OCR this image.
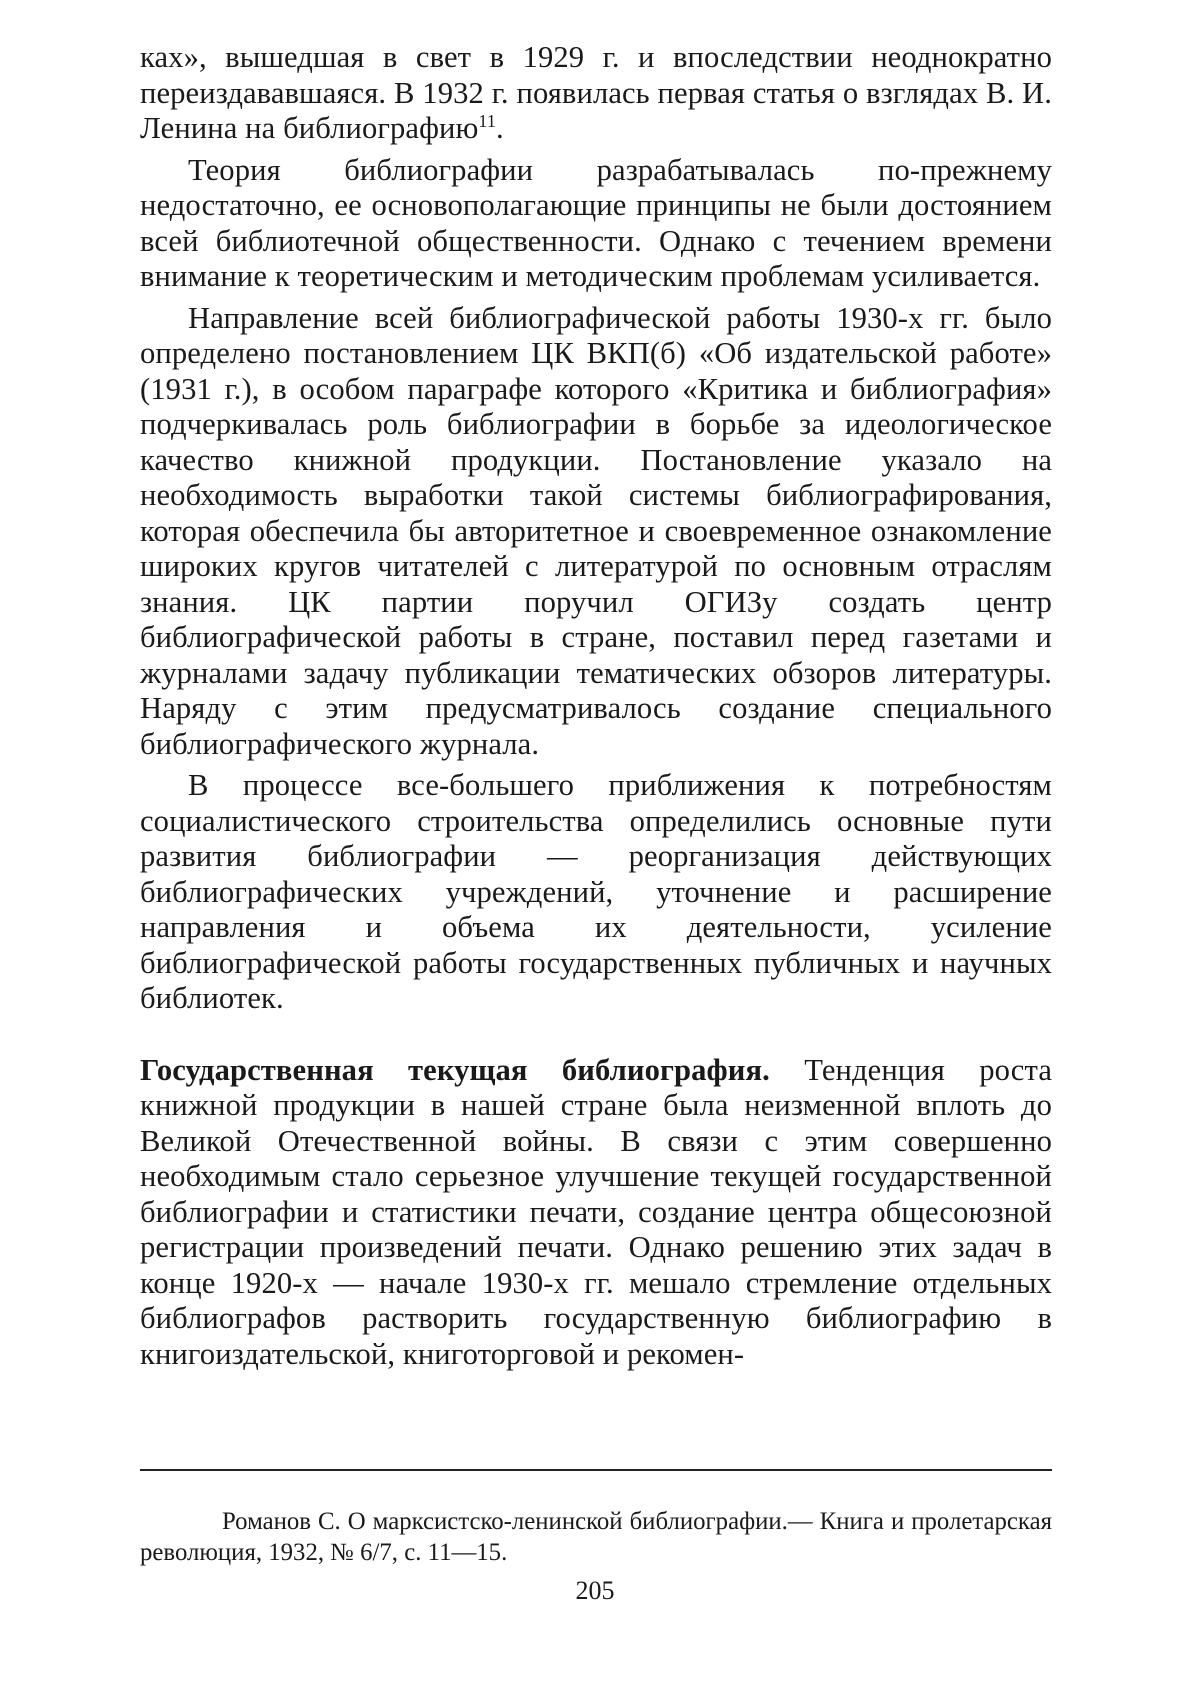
ках», вышедшая в свет в 1929 г. и впоследствии неоднократно переиздававшаяся. В 1932 г. появилась первая статья о взглядах В. И. Ленина на библиографию$^{11}$.

Теория библиографии разрабатывалась по-прежнему недостаточно, ее основополагающие принципы не были достоянием всей библиотечной общественности. Однако с течением времени внимание к теоретическим и методическим проблемам усиливается.

Направление всей библиографической работы 1930-х гг. было определено постановлением ЦК ВКП(б) «Об издательской работе» (1931 г.), в особом параграфе которого «Критика и библиография» подчеркивалась роль библиографии в борьбе за идеологическое качество книжной продукции. Постановление указало на необходимость выработки такой системы библиографирования, которая обеспечила бы авторитетное и своевременное ознакомление широких кругов читателей с литературой по основным отраслям знания. ЦК партии поручил ОГИЗу создать центр библиографической работы в стране, поставил перед газетами и журналами задачу публикации тематических обзоров литературы. Наряду с этим предусматривалось создание специального библиографического журнала.

В процессе все-большего приближения к потребностям социалистического строительства определились основные пути развития библиографии — реорганизация действующих библиографических учреждений, уточнение и расширение направления и объема их деятельности, усиление библиографической работы государственных публичных и научных библиотек.

Государственная текущая библиография. Тенденция роста книжной продукции в нашей стране была неизменной вплоть до Великой Отечественной войны. В связи с этим совершенно необходимым стало серьезное улучшение текущей государственной библиографии и статистики печати, создание центра общесоюзной регистрации произведений печати. Однако решению этих задач в конце 1920-х — начале 1930-х гг. мешало стремление отдельных библиографов растворить государственную библиографию в книгоиздательской, книготорговой и рекомен-

Романов С. О марксистско-ленинской библиографии.— Книга и пролетарская революция, 1932, № 6/7, с. 11—15.

205
